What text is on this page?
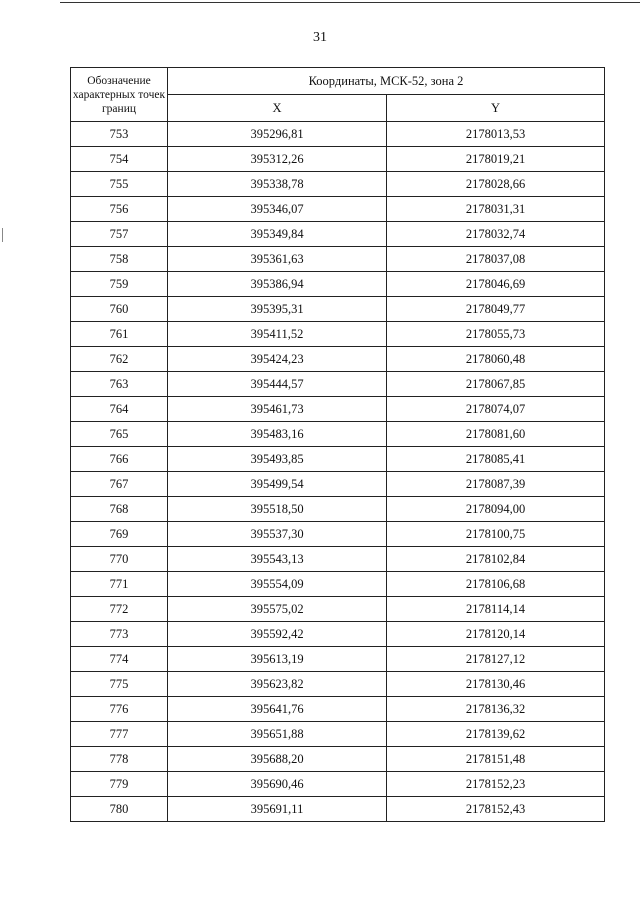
31
Обозначение характерных точек границ	Координаты, МСК-52, зона 2	
	X	Y
753	395296,81	2178013,53
754	395312,26	2178019,21
755	395338,78	2178028,66
756	395346,07	2178031,31
757	395349,84	2178032,74
758	395361,63	2178037,08
759	395386,94	2178046,69
760	395395,31	2178049,77
761	395411,52	2178055,73
762	395424,23	2178060,48
763	395444,57	2178067,85
764	395461,73	2178074,07
765	395483,16	2178081,60
766	395493,85	2178085,41
767	395499,54	2178087,39
768	395518,50	2178094,00
769	395537,30	2178100,75
770	395543,13	2178102,84
771	395554,09	2178106,68
772	395575,02	2178114,14
773	395592,42	2178120,14
774	395613,19	2178127,12
775	395623,82	2178130,46
776	395641,76	2178136,32
777	395651,88	2178139,62
778	395688,20	2178151,48
779	395690,46	2178152,23
780	395691,11	2178152,43
